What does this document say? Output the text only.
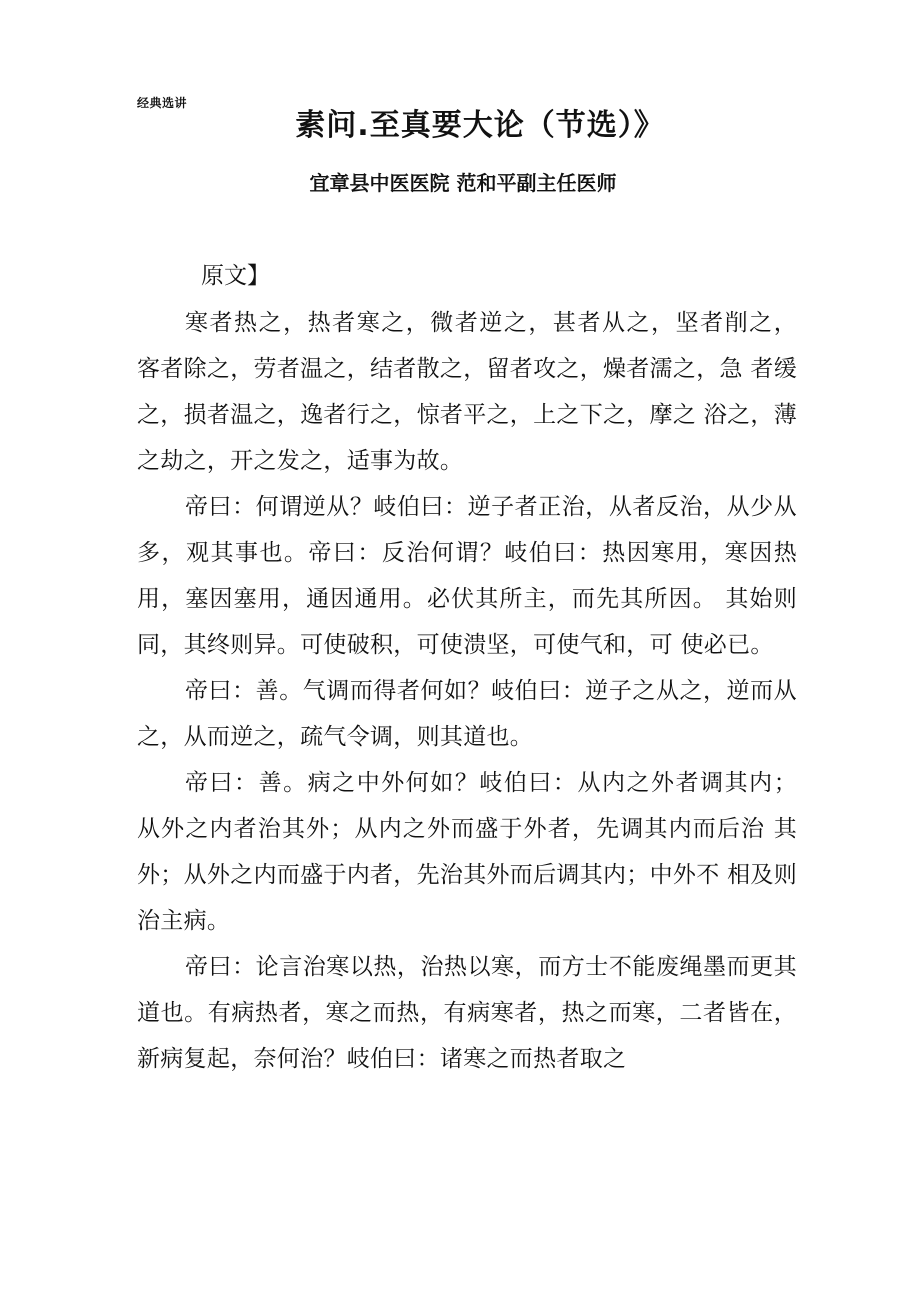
经典选讲
素问.至真要大论（节选）》
宜章县中医医院 范和平副主任医师
原文】

寒者热之，热者寒之，微者逆之，甚者从之，坚者削之， 客者除之，劳者温之，结者散之，留者攻之，燥者濡之，急 者缓之，损者温之，逸者行之，惊者平之，上之下之，摩之 浴之，薄之劫之，开之发之，适事为故。

帝曰：何谓逆从？岐伯曰：逆子者正治，从者反治，从少从多，观其事也。帝曰：反治何谓？岐伯曰：热因寒用，寒因热用，塞因塞用，通因通用。必伏其所主，而先其所因。 其始则同，其终则异。可使破积，可使溃坚，可使气和，可 使必已。

帝曰：善。气调而得者何如？岐伯曰：逆子之从之，逆而从之，从而逆之，疏气令调，则其道也。

帝曰：善。病之中外何如？岐伯曰：从内之外者调其内； 从外之内者治其外；从内之外而盛于外者，先调其内而后治 其外；从外之内而盛于内者，先治其外而后调其内；中外不 相及则治主病。

帝曰：论言治寒以热，治热以寒，而方士不能废绳墨而更其道也。有病热者，寒之而热，有病寒者，热之而寒，二者皆在，新病复起，奈何治？岐伯曰：诸寒之而热者取之
